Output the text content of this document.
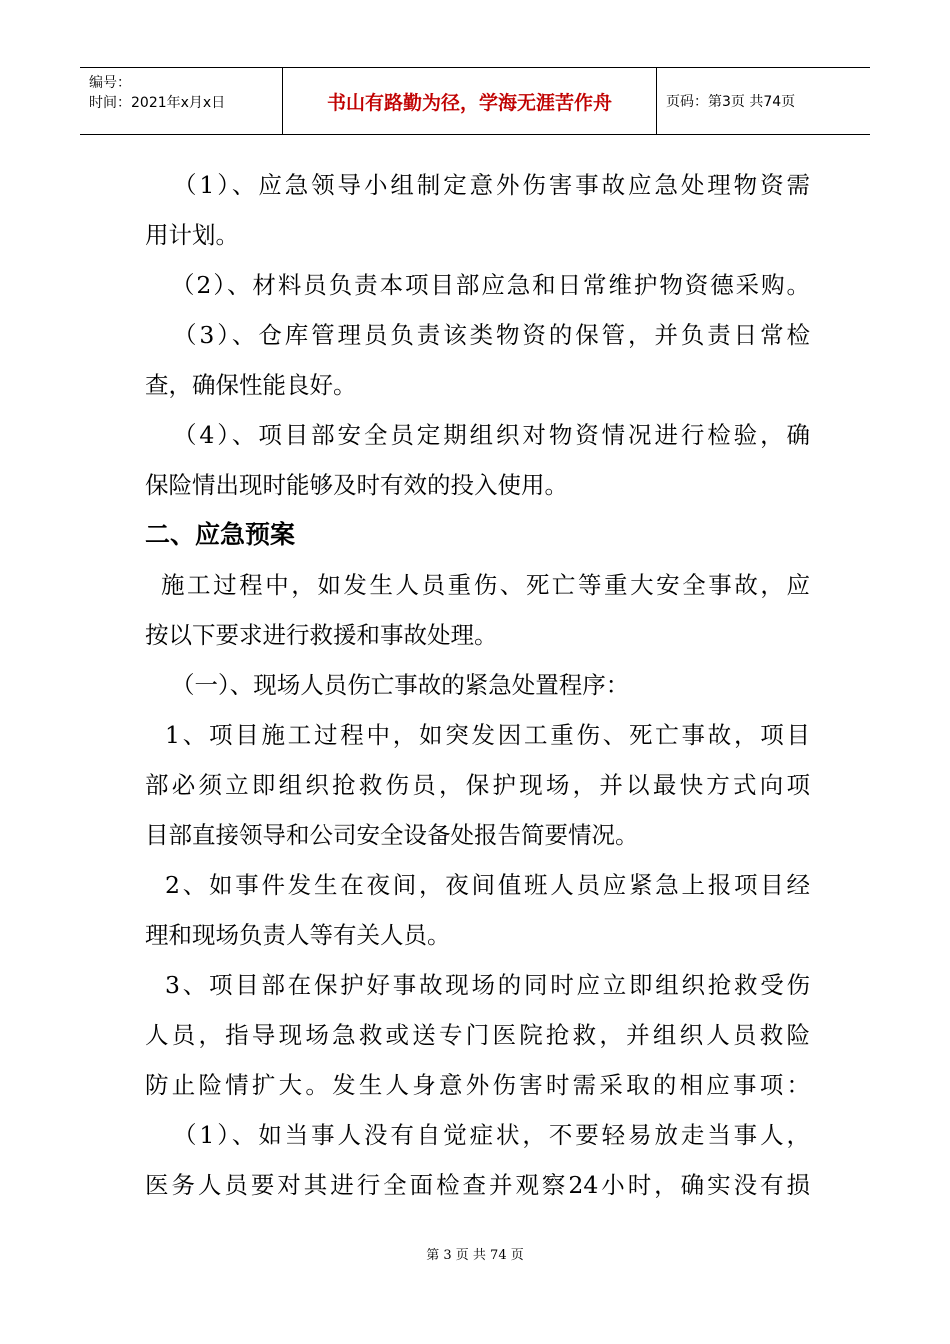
编号：
时间：2021年x月x日	书山有路勤为径，学海无涯苦作舟	页码：第3页 共74页
（1）、应急领导小组制定意外伤害事故应急处理物资需
用计划。
（2）、材料员负责本项目部应急和日常维护物资德采购。
（3）、仓库管理员负责该类物资的保管，并负责日常检
查，确保性能良好。
（4）、项目部安全员定期组织对物资情况进行检验，确
保险情出现时能够及时有效的投入使用。
二、应急预案
施工过程中，如发生人员重伤、死亡等重大安全事故，应
按以下要求进行救援和事故处理。
（一）、现场人员伤亡事故的紧急处置程序：
1、项目施工过程中，如突发因工重伤、死亡事故，项目
部必须立即组织抢救伤员，保护现场，并以最快方式向项
目部直接领导和公司安全设备处报告简要情况。
2、如事件发生在夜间，夜间值班人员应紧急上报项目经
理和现场负责人等有关人员。
3、项目部在保护好事故现场的同时应立即组织抢救受伤
人员，指导现场急救或送专门医院抢救，并组织人员救险
防止险情扩大。发生人身意外伤害时需采取的相应事项：
（1）、如当事人没有自觉症状，不要轻易放走当事人，
医务人员要对其进行全面检查并观察24小时，确实没有损
第 3 页 共 74 页
